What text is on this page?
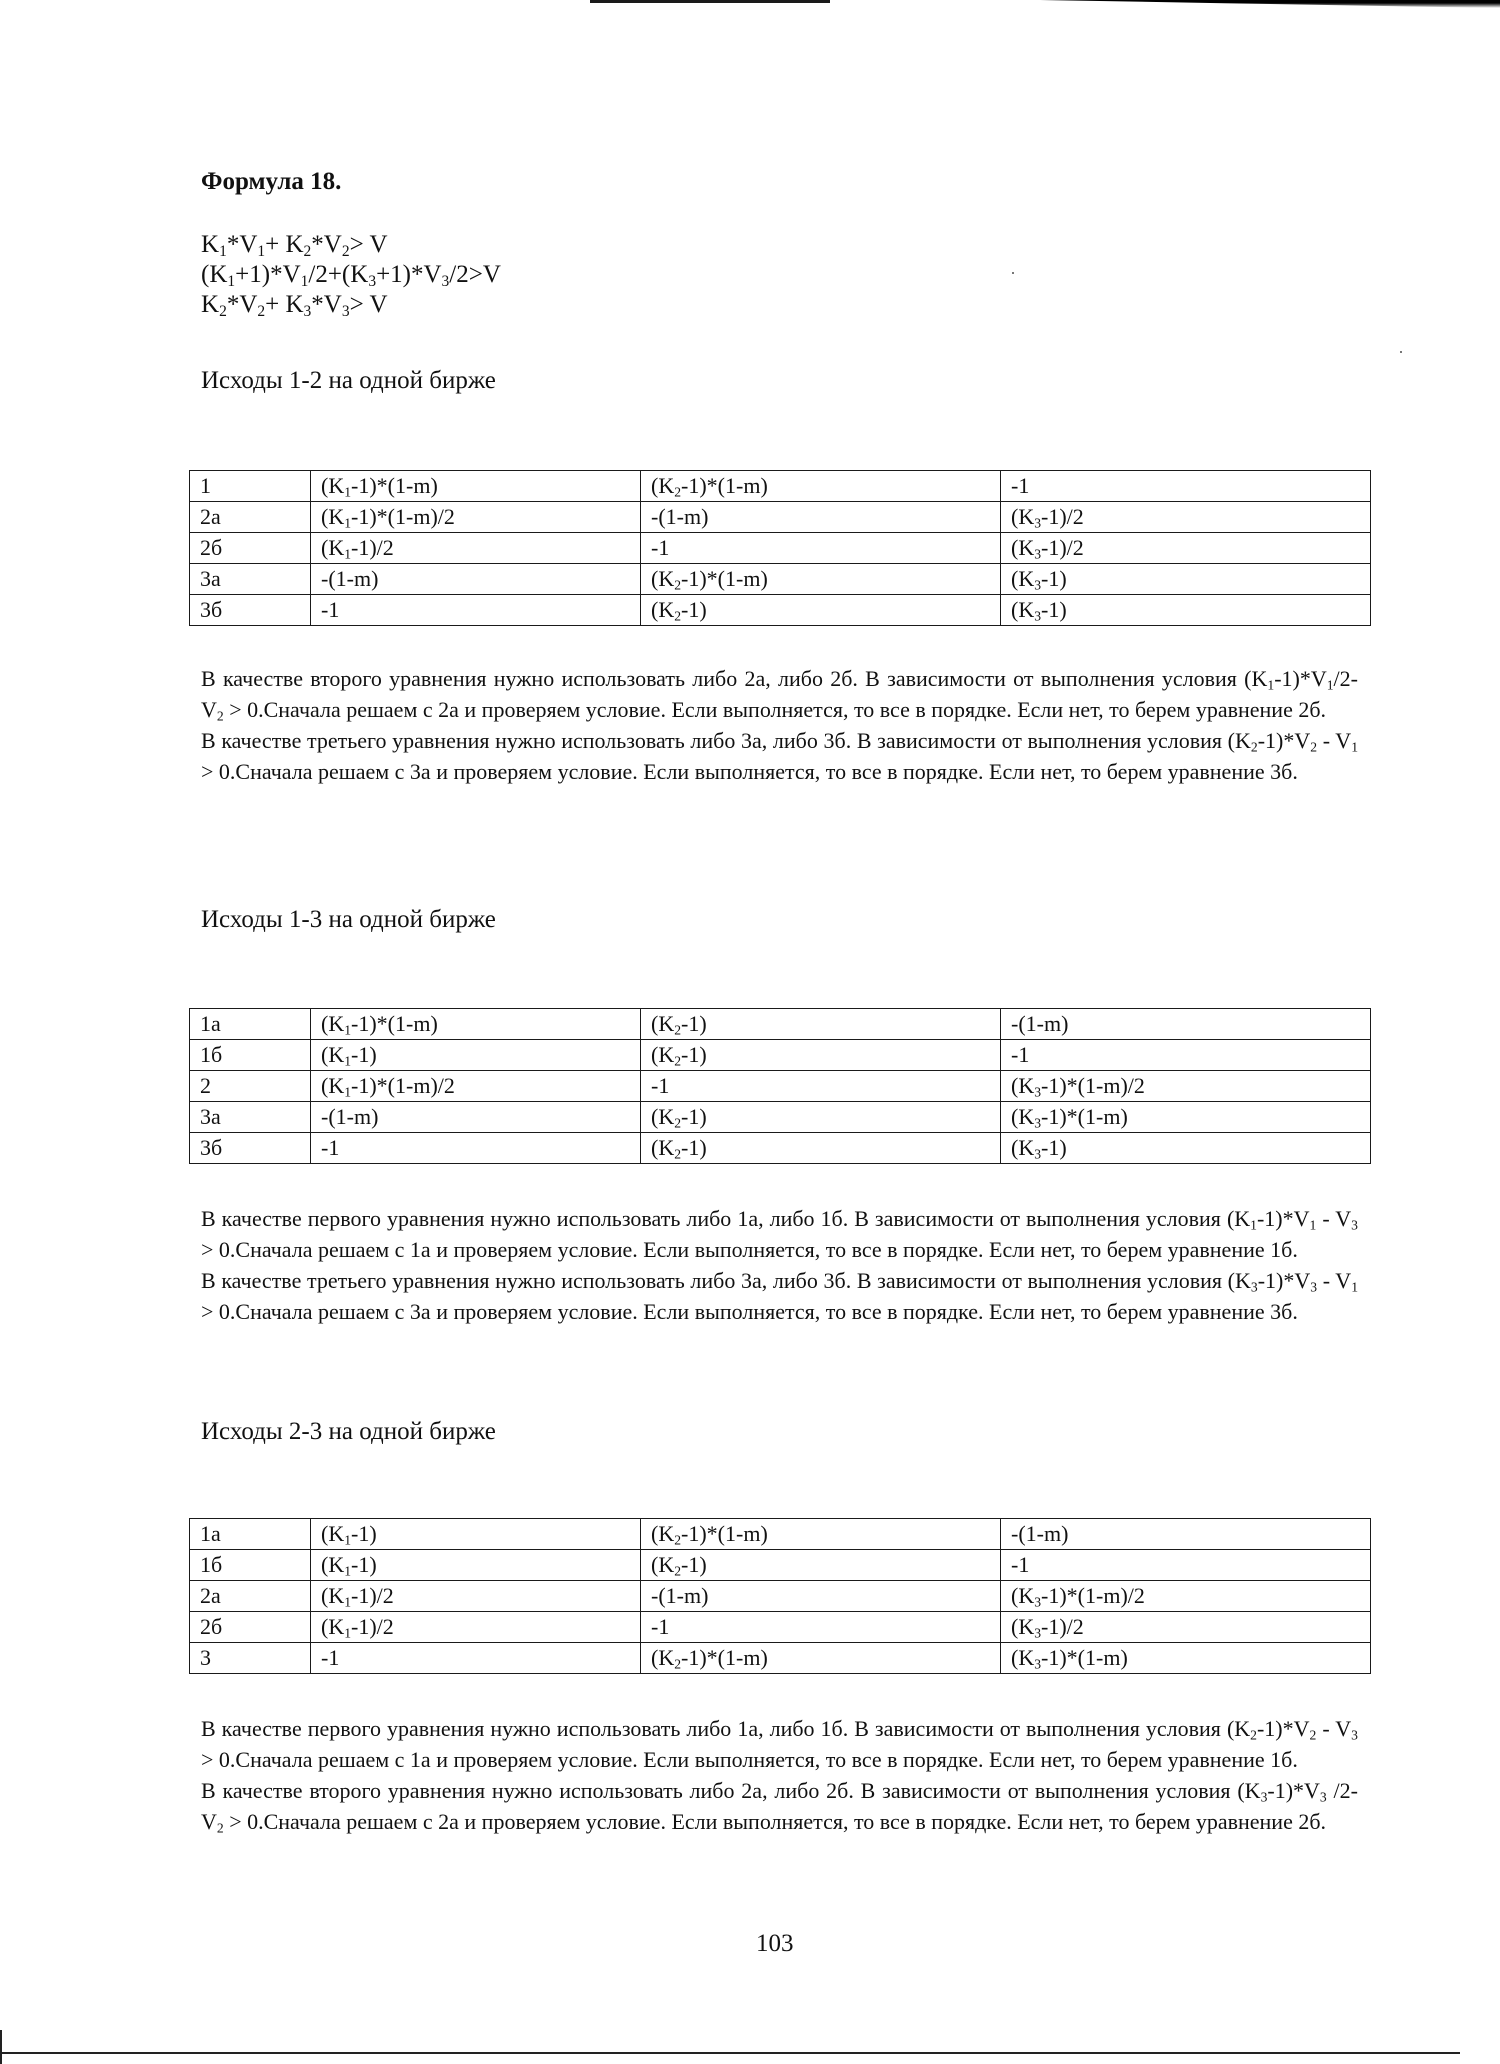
Формула 18.
$K_1*V_1+ K_2*V_2> V$
$(K_1+1)*V_1/2+(K_3+1)*V_3/2>V$
$K_2*V_2+ K_3*V_3> V$
Исходы 1-2 на одной бирже
1	$(K_1-1)*(1-m)$	$(K_2-1)*(1-m)$	-1
2а	$(K_1-1)*(1-m)/2$	-(1-m)	$(K_3-1)/2$
2б	$(K_1-1)/2$	-1	$(K_3-1)/2$
3а	-(1-m)	$(K_2-1)*(1-m)$	$(K_3-1)$
3б	-1	$(K_2-1)$	$(K_3-1)$

В качестве второго уравнения нужно использовать либо 2а, либо 2б. В зависимости от выполнения условия $(K_1-1)*V_1/2-$ $V_2$ > 0.Сначала решаем с 2а и проверяем условие. Если выполняется, то все в порядке. Если нет, то берем уравнение 2б.

В качестве третьего уравнения нужно использовать либо 3а, либо 3б. В зависимости от выполнения условия $(K_2-1)*V_2 - V_1$ > 0.Сначала решаем с 3а и проверяем условие. Если выполняется, то все в порядке. Если нет, то берем уравнение 3б.

Исходы 1-3 на одной бирже
1а	$(K_1-1)*(1-m)$	$(K_2-1)$	-(1-m)
1б	$(K_1-1)$	$(K_2-1)$	-1
2	$(K_1-1)*(1-m)/2$	-1	$(K_3-1)*(1-m)/2$
3а	-(1-m)	$(K_2-1)$	$(K_3-1)*(1-m)$
3б	-1	$(K_2-1)$	$(K_3-1)$

В качестве первого уравнения нужно использовать либо 1а, либо 1б. В зависимости от выполнения условия $(K_1-1)*V_1 - V_3$ > 0.Сначала решаем с 1а и проверяем условие. Если выполняется, то все в порядке. Если нет, то берем уравнение 1б.

В качестве третьего уравнения нужно использовать либо 3а, либо 3б. В зависимости от выполнения условия $(K_3-1)*V_3 - V_1$ > 0.Сначала решаем с 3а и проверяем условие. Если выполняется, то все в порядке. Если нет, то берем уравнение 3б.

Исходы 2-3 на одной бирже
1а	$(K_1-1)$	$(K_2-1)*(1-m)$	-(1-m)
1б	$(K_1-1)$	$(K_2-1)$	-1
2а	$(K_1-1)/2$	-(1-m)	$(K_3-1)*(1-m)/2$
2б	$(K_1-1)/2$	-1	$(K_3-1)/2$
3	-1	$(K_2-1)*(1-m)$	$(K_3-1)*(1-m)$

В качестве первого уравнения нужно использовать либо 1а, либо 1б. В зависимости от выполнения условия $(K_2-1)*V_2 - V_3$ > 0.Сначала решаем с 1а и проверяем условие. Если выполняется, то все в порядке. Если нет, то берем уравнение 1б.

В качестве второго уравнения нужно использовать либо 2а, либо 2б. В зависимости от выполнения условия $(K_3-1)*V_3$ /2- $V_2$ > 0.Сначала решаем с 2а и проверяем условие. Если выполняется, то все в порядке. Если нет, то берем уравнение 2б.

103
